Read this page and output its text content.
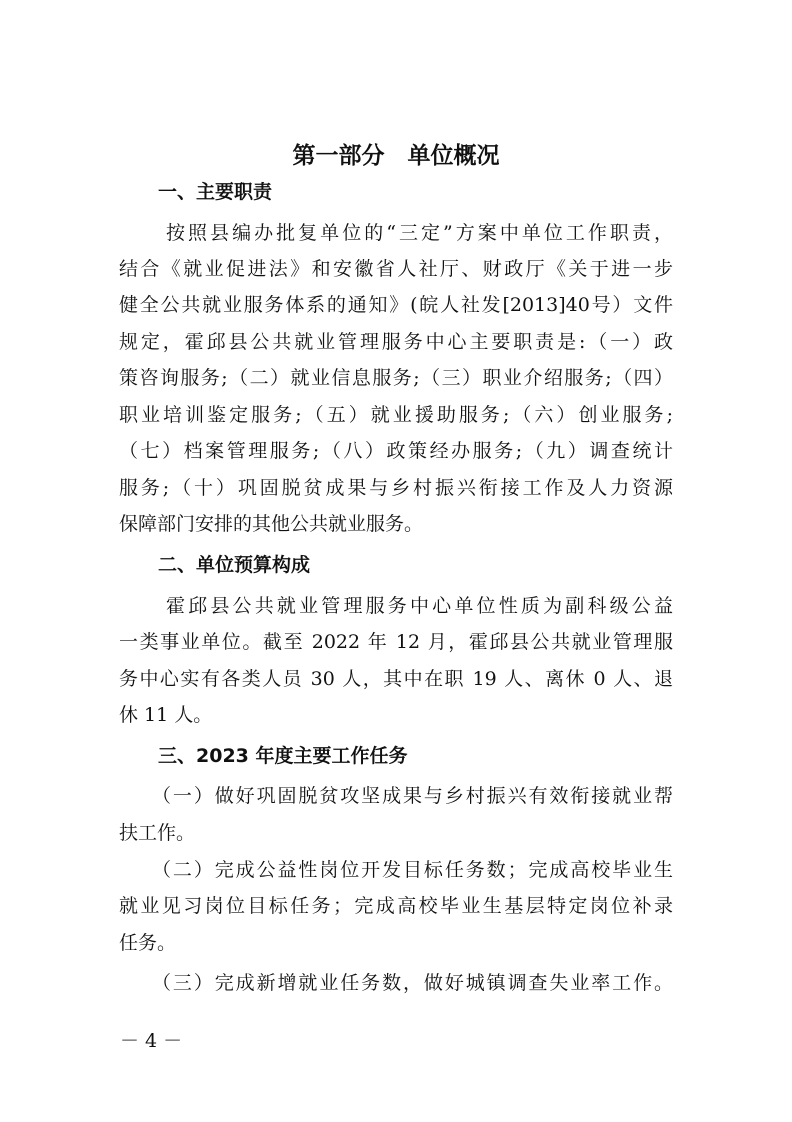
第一部分　单位概况
一、主要职责
按照县编办批复单位的“三定”方案中单位工作职责，
结合《就业促进法》和安徽省人社厅、财政厅《关于进一步
健全公共就业服务体系的通知》(皖人社发[2013]40号）文件
规定，霍邱县公共就业管理服务中心主要职责是:（一）政
策咨询服务;（二）就业信息服务;（三）职业介绍服务;（四）
职业培训鉴定服务;（五）就业援助服务;（六）创业服务;
（七）档案管理服务;（八）政策经办服务;（九）调查统计
服务;（十）巩固脱贫成果与乡村振兴衔接工作及人力资源
保障部门安排的其他公共就业服务。
二、单位预算构成
霍邱县公共就业管理服务中心单位性质为副科级公益
一类事业单位。截至 2022 年 12 月，霍邱县公共就业管理服
务中心实有各类人员 30 人，其中在职 19 人、离休 0 人、退
休 11 人。
三、2023 年度主要工作任务
（一）做好巩固脱贫攻坚成果与乡村振兴有效衔接就业帮
扶工作。
（二）完成公益性岗位开发目标任务数；完成高校毕业生
就业见习岗位目标任务；完成高校毕业生基层特定岗位补录
任务。
（三）完成新增就业任务数，做好城镇调查失业率工作。
－ 4 －
